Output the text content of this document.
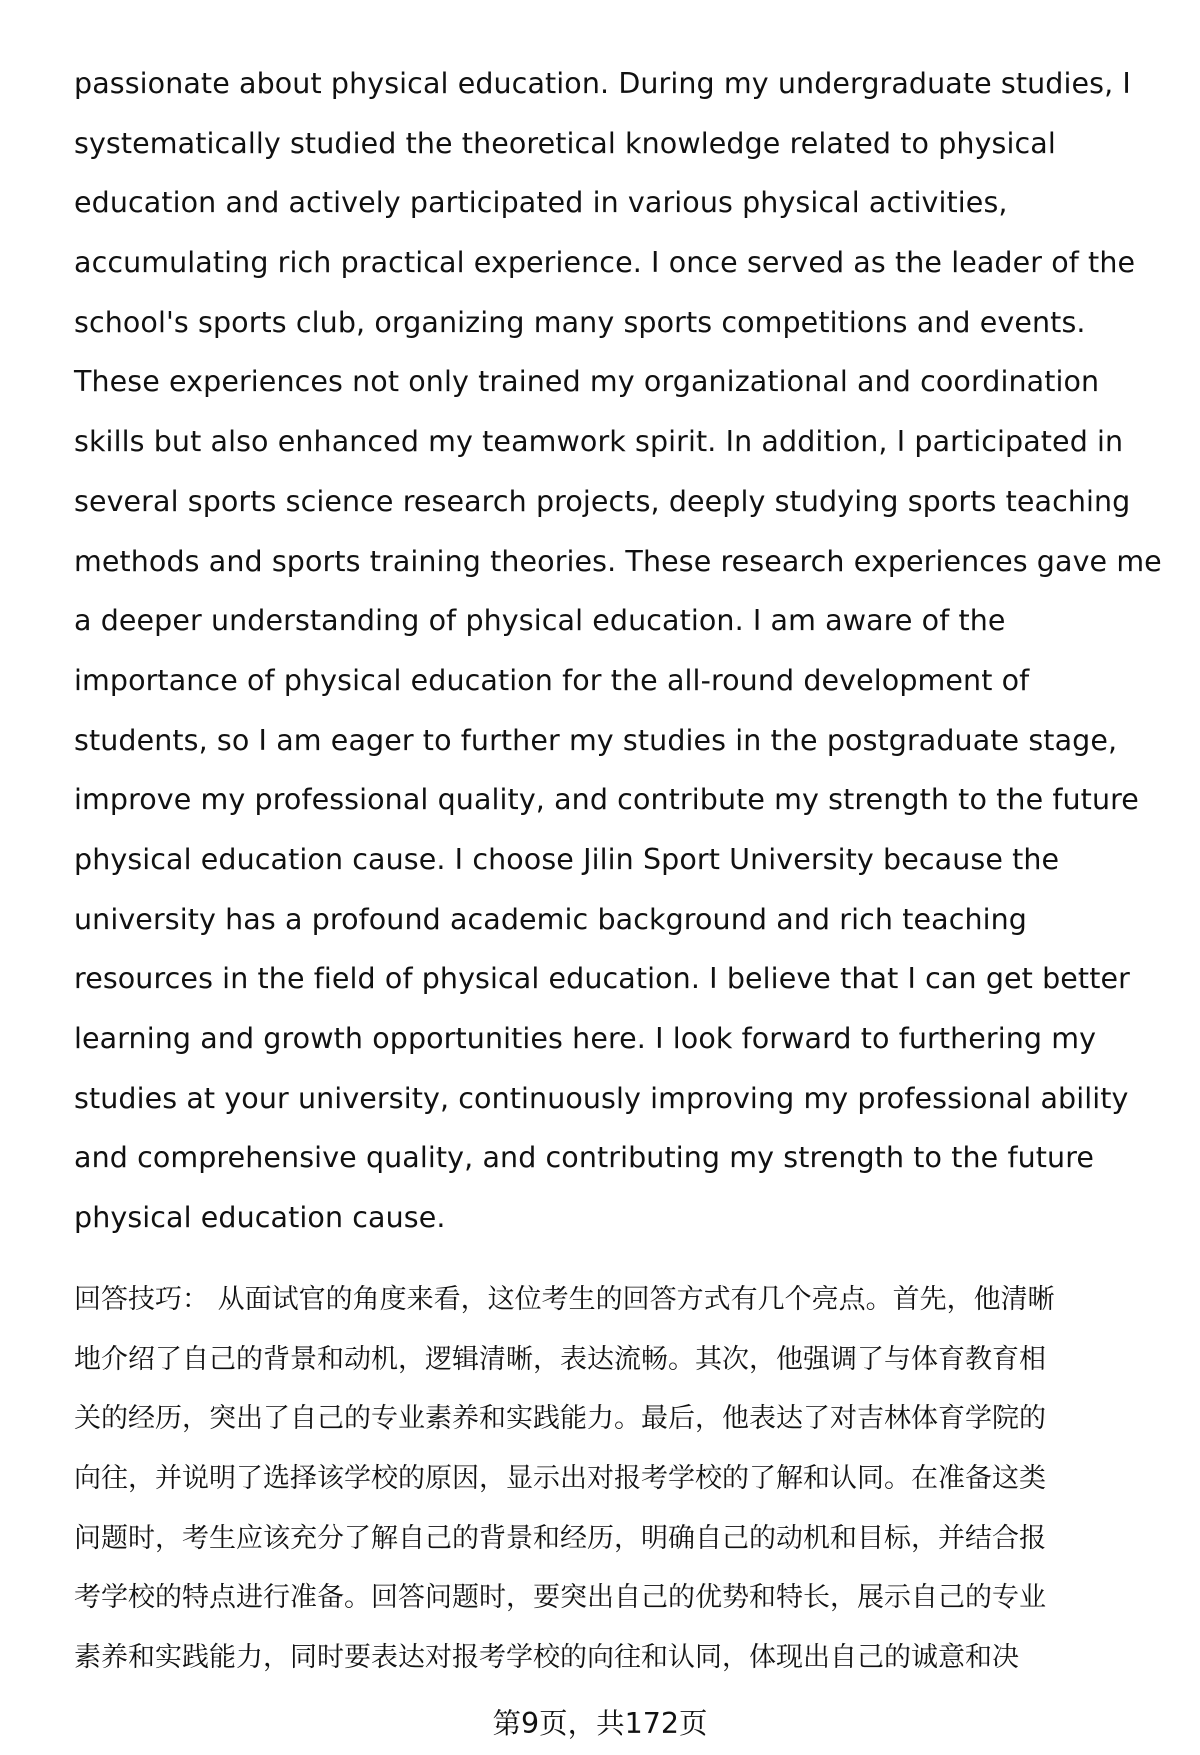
passionate about physical education. During my undergraduate studies, I
systematically studied the theoretical knowledge related to physical
education and actively participated in various physical activities,
accumulating rich practical experience. I once served as the leader of the
school's sports club, organizing many sports competitions and events.
These experiences not only trained my organizational and coordination
skills but also enhanced my teamwork spirit. In addition, I participated in
several sports science research projects, deeply studying sports teaching
methods and sports training theories. These research experiences gave me
a deeper understanding of physical education. I am aware of the
importance of physical education for the all-round development of
students, so I am eager to further my studies in the postgraduate stage,
improve my professional quality, and contribute my strength to the future
physical education cause. I choose Jilin Sport University because the
university has a profound academic background and rich teaching
resources in the field of physical education. I believe that I can get better
learning and growth opportunities here. I look forward to furthering my
studies at your university, continuously improving my professional ability
and comprehensive quality, and contributing my strength to the future
physical education cause.
回答技巧： 从面试官的角度来看，这位考生的回答方式有几个亮点。首先，他清晰
地介绍了自己的背景和动机，逻辑清晰，表达流畅。其次，他强调了与体育教育相
关的经历，突出了自己的专业素养和实践能力。最后，他表达了对吉林体育学院的
向往，并说明了选择该学校的原因，显示出对报考学校的了解和认同。在准备这类
问题时，考生应该充分了解自己的背景和经历，明确自己的动机和目标，并结合报
考学校的特点进行准备。回答问题时，要突出自己的优势和特长，展示自己的专业
素养和实践能力，同时要表达对报考学校的向往和认同，体现出自己的诚意和决
第9页，共172页
